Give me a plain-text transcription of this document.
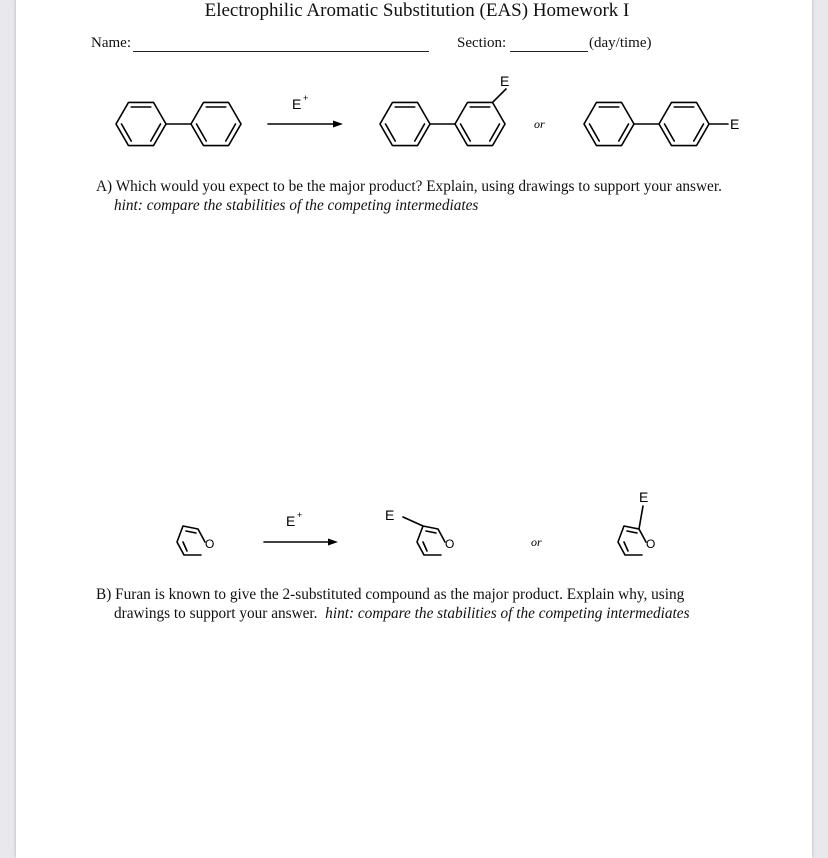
Electrophilic Aromatic Substitution (EAS) Homework I
Name:	Section:	(day/time)
E +
E
or	E
O
E +	E
O	or
E
O
A) Which would you expect to be the major product? Explain, using drawings to support your answer.
hint: compare the stabilities of the competing intermediates
B) Furan is known to give the 2-substituted compound as the major product. Explain why, using
drawings to support your answer. hint: compare the stabilities of the competing intermediates
